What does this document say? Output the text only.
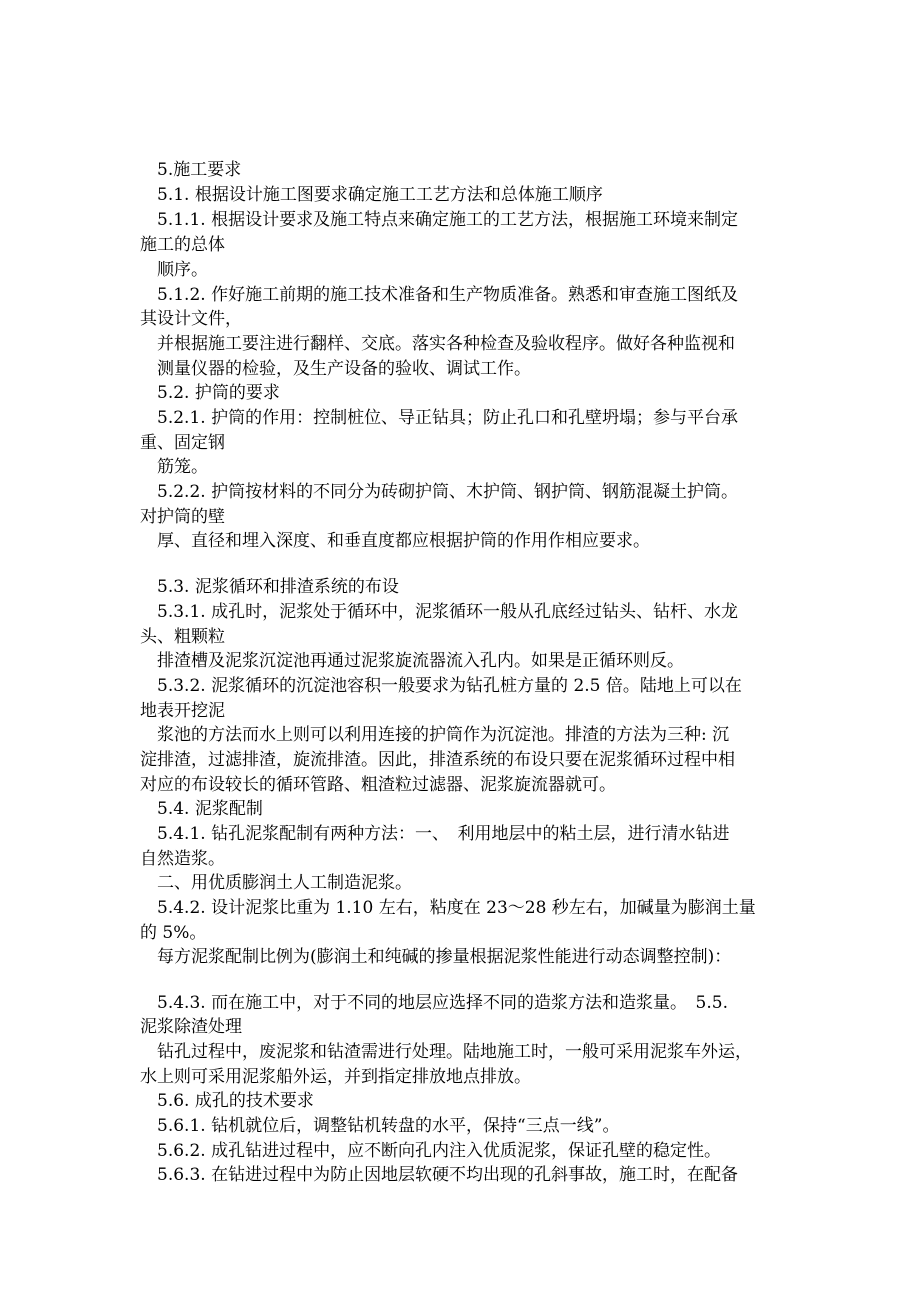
　5.施工要求
　5.1. 根据设计施工图要求确定施工工艺方法和总体施工顺序
　5.1.1. 根据设计要求及施工特点来确定施工的工艺方法，根据施工环境来制定
施工的总体
　顺序。
　5.1.2. 作好施工前期的施工技术准备和生产物质准备。熟悉和审查施工图纸及
其设计文件，
　并根据施工要注进行翻样、交底。落实各种检查及验收程序。做好各种监视和
　测量仪器的检验，及生产设备的验收、调试工作。
　5.2. 护筒的要求
　5.2.1. 护筒的作用：控制桩位、导正钻具；防止孔口和孔壁坍塌；参与平台承
重、固定钢
　筋笼。
　5.2.2. 护筒按材料的不同分为砖砌护筒、木护筒、钢护筒、钢筋混凝土护筒。
对护筒的壁
　厚、直径和埋入深度、和垂直度都应根据护筒的作用作相应要求。
　5.3. 泥浆循环和排渣系统的布设
　5.3.1. 成孔时，泥浆处于循环中，泥浆循环一般从孔底经过钻头、钻杆、水龙
头、粗颗粒
　排渣槽及泥浆沉淀池再通过泥浆旋流器流入孔内。如果是正循环则反。
　5.3.2. 泥浆循环的沉淀池容积一般要求为钻孔桩方量的 2.5 倍。陆地上可以在
地表开挖泥
　浆池的方法而水上则可以利用连接的护筒作为沉淀池。排渣的方法为三种: 沉
淀排渣，过滤排渣，旋流排渣。因此，排渣系统的布设只要在泥浆循环过程中相
对应的布设较长的循环管路、粗渣粒过滤器、泥浆旋流器就可。
　5.4. 泥浆配制
　5.4.1. 钻孔泥浆配制有两种方法：一、　利用地层中的粘土层，进行清水钻进
自然造浆。
　二、用优质膨润土人工制造泥浆。
　5.4.2. 设计泥浆比重为 1.10 左右，粘度在 23～28 秒左右，加碱量为膨润土量
的 5%。
　每方泥浆配制比例为(膨润土和纯碱的掺量根据泥浆性能进行动态调整控制)：
　5.4.3. 而在施工中，对于不同的地层应选择不同的造浆方法和造浆量。　5.5.
泥浆除渣处理
　钻孔过程中，废泥浆和钻渣需进行处理。陆地施工时，一般可采用泥浆车外运，
水上则可采用泥浆船外运，并到指定排放地点排放。
　5.6. 成孔的技术要求
　5.6.1. 钻机就位后，调整钻机转盘的水平，保持“三点一线”。
　5.6.2. 成孔钻进过程中，应不断向孔内注入优质泥浆，保证孔壁的稳定性。
　5.6.3. 在钻进过程中为防止因地层软硬不均出现的孔斜事故，施工时，在配备
